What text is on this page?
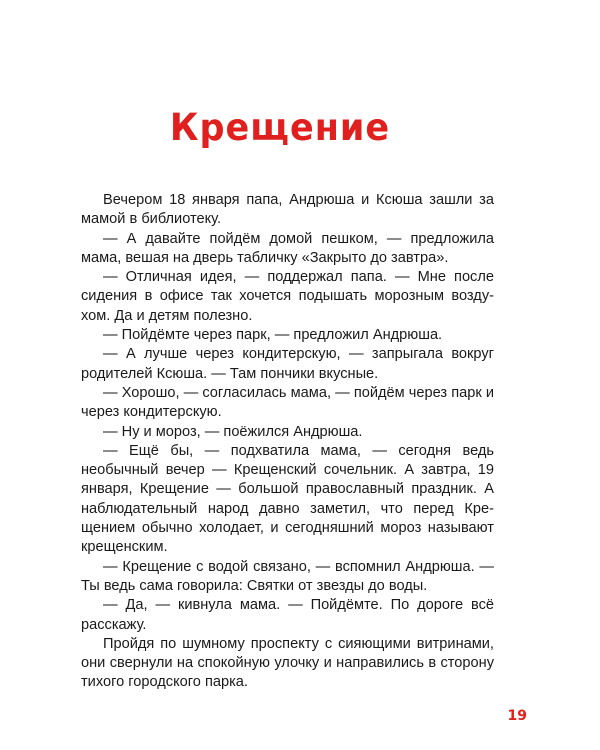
Крещение

Вечером 18 января папа, Андрюша и Ксюша зашли за мамой в библиотеку.

— А давайте пойдём домой пешком, — предложила мама, вешая на дверь табличку «Закрыто до завтра».

— Отличная идея, — поддержал папа. — Мне после сидения в офисе так хочется подышать морозным воздухом. Да и детям полезно.

— Пойдёмте через парк, — предложил Андрюша.

— А лучше через кондитерскую, — запрыгала вокруг родителей Ксюша. — Там пончики вкусные.

— Хорошо, — согласилась мама, — пойдём через парк и через кондитерскую.

— Ну и мороз, — поёжился Андрюша.

— Ещё бы, — подхватила мама, — сегодня ведь необычный вечер — Крещенский сочельник. А завтра, 19 января, Крещение — большой православный праздник. А наблюдательный народ давно заметил, что перед Крещением обычно холодает, и сегодняшний мороз называют крещенским.

— Крещение с водой связано, — вспомнил Андрюша. — Ты ведь сама говорила: Святки от звезды до воды.

— Да, — кивнула мама. — Пойдёмте. По дороге всё расскажу.

Пройдя по шумному проспекту с сияющими витринами, они свернули на спокойную улочку и направились в сторону тихого городского парка.

19
